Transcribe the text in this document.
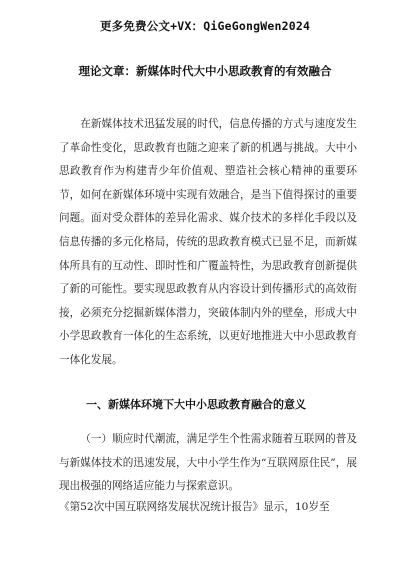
更多免费公文+VX：QiGeGongWen2024
理论文章：新媒体时代大中小思政教育的有效融合

在新媒体技术迅猛发展的时代，信息传播的方式与速度发生了革命性变化，思政教育也随之迎来了新的机遇与挑战。大中小思政教育作为构建青少年价值观、塑造社会核心精神的重要环节，如何在新媒体环境中实现有效融合，是当下值得探讨的重要问题。面对受众群体的差异化需求、媒介技术的多样化手段以及信息传播的多元化格局，传统的思政教育模式已显不足，而新媒体所具有的互动性、即时性和广覆盖特性，为思政教育创新提供了新的可能性。要实现思政教育从内容设计到传播形式的高效衔接，必须充分挖掘新媒体潜力，突破体制内外的壁垒，形成大中小学思政教育一体化的生态系统，以更好地推进大中小思政教育一体化发展。

一、新媒体环境下大中小思政教育融合的意义

（一）顺应时代潮流，满足学生个性需求随着互联网的普及与新媒体技术的迅速发展，大中小学生作为“互联网原住民”，展现出极强的网络适应能力与探索意识。

《第52次中国互联网络发展状况统计报告》显示，10岁至
